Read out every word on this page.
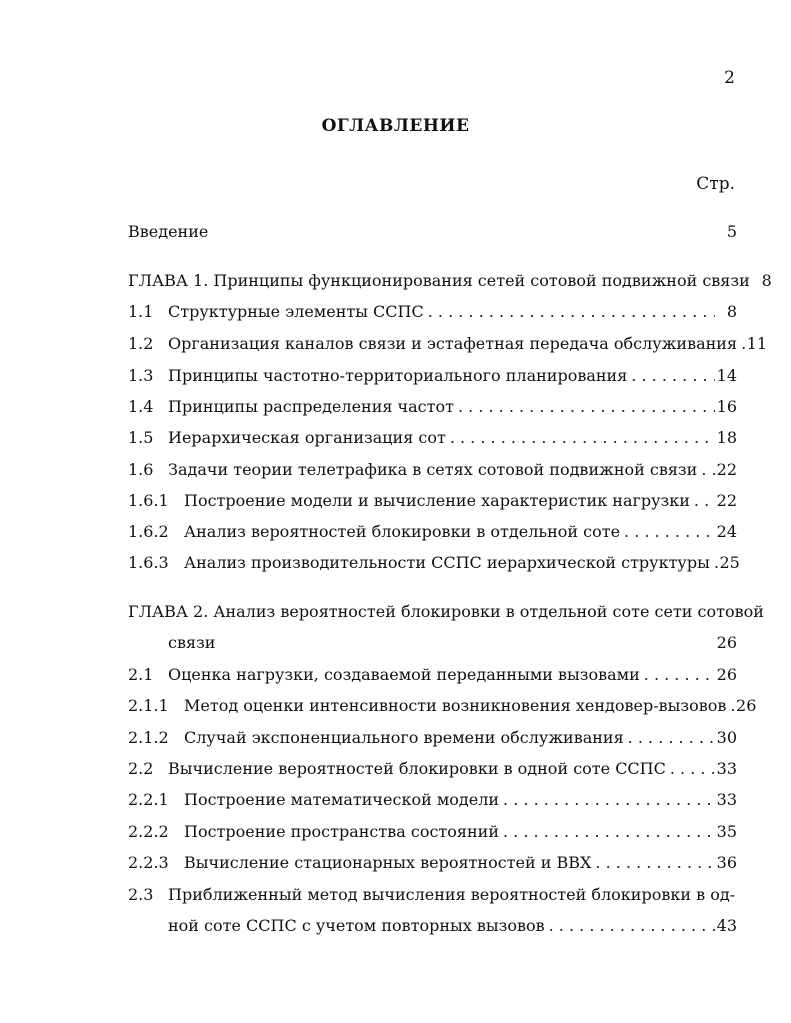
2
ОГЛАВЛЕНИЕ
Стр.
Введение	5
ГЛАВА 1. Принципы функционирования сетей сотовой подвижной связи 8
1.1 Структурные элементы ССПС . . .	8
1.2 Организация каналов связи и эстафетная передача обслуживания . . . 11
1.3 Принципы частотно-территориального планирования . . .	14
1.4 Принципы распределения частот . . .	16
1.5 Иерархическая организация сот . . .	18
1.6 Задачи теории телетрафика в сетях сотовой подвижной связи . . . 22
1.6.1 Построение модели и вычисление характеристик нагрузки . . . 22
1.6.2 Анализ вероятностей блокировки в отдельной соте . . .	24
1.6.3 Анализ производительности ССПС иерархической структуры . . . 25
ГЛАВА 2. Анализ вероятностей блокировки в отдельной соте сети сотовой
связи	26
2.1 Оценка нагрузки, создаваемой переданными вызовами . . .	26
2.1.1 Метод оценки интенсивности возникновения хендовер-вызовов . . . 26
2.1.2 Случай экспоненциального времени обслуживания . . .	30
2.2 Вычисление вероятностей блокировки в одной соте ССПС . . .	33
2.2.1 Построение математической модели . . .	33
2.2.2 Построение пространства состояний . . .	35
2.2.3 Вычисление стационарных вероятностей и ВВХ . . .	36
2.3 Приближенный метод вычисления вероятностей блокировки в од-
ной соте ССПС с учетом повторных вызовов . . .	43
